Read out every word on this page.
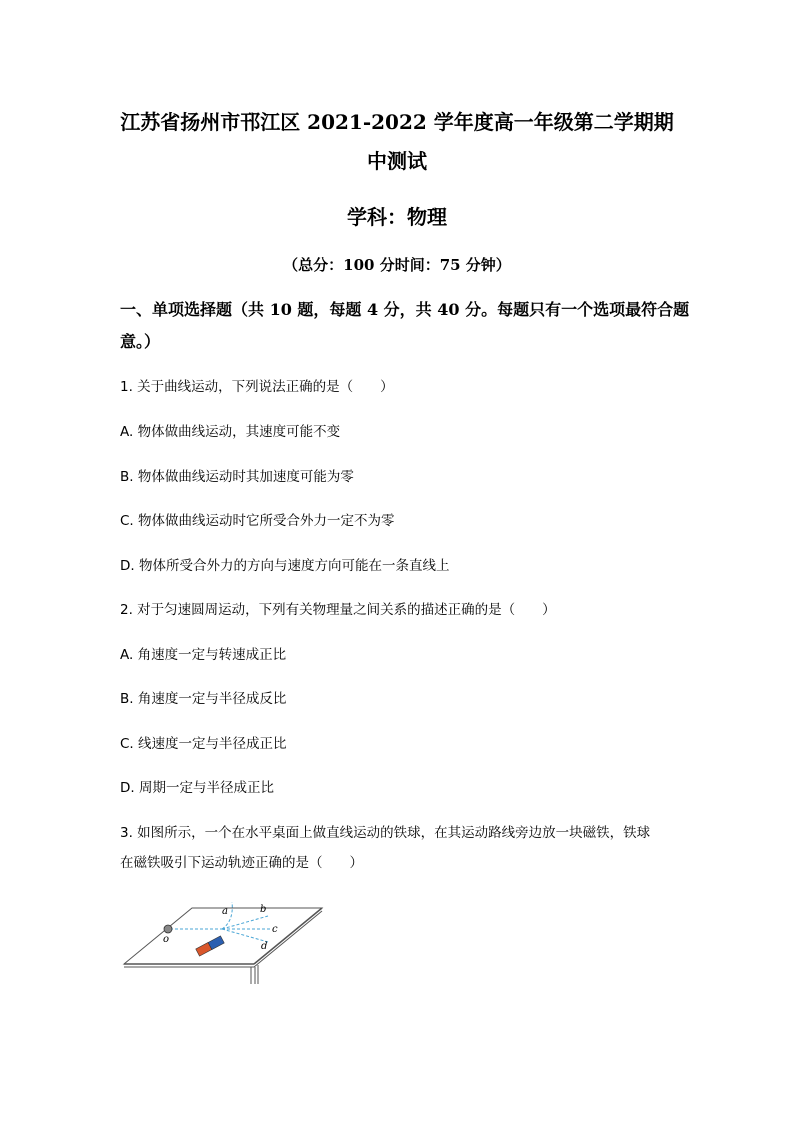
江苏省扬州市邗江区 2021-2022 学年度高一年级第二学期期
中测试
学科：物理
（总分：100 分时间：75 分钟）
一、单项选择题（共 10 题，每题 4 分，共 40 分。每题只有一个选项最符合题
意。）
1. 关于曲线运动，下列说法正确的是（　　）
A. 物体做曲线运动，其速度可能不变
B. 物体做曲线运动时其加速度可能为零
C. 物体做曲线运动时它所受合外力一定不为零
D. 物体所受合外力的方向与速度方向可能在一条直线上
2. 对于匀速圆周运动，下列有关物理量之间关系的描述正确的是（　　）
A. 角速度一定与转速成正比
B. 角速度一定与半径成反比
C. 线速度一定与半径成正比
D. 周期一定与半径成正比
3. 如图所示，一个在水平桌面上做直线运动的铁球，在其运动路线旁边放一块磁铁，铁球
在磁铁吸引下运动轨迹正确的是（　　）
o
a	b
c
d
